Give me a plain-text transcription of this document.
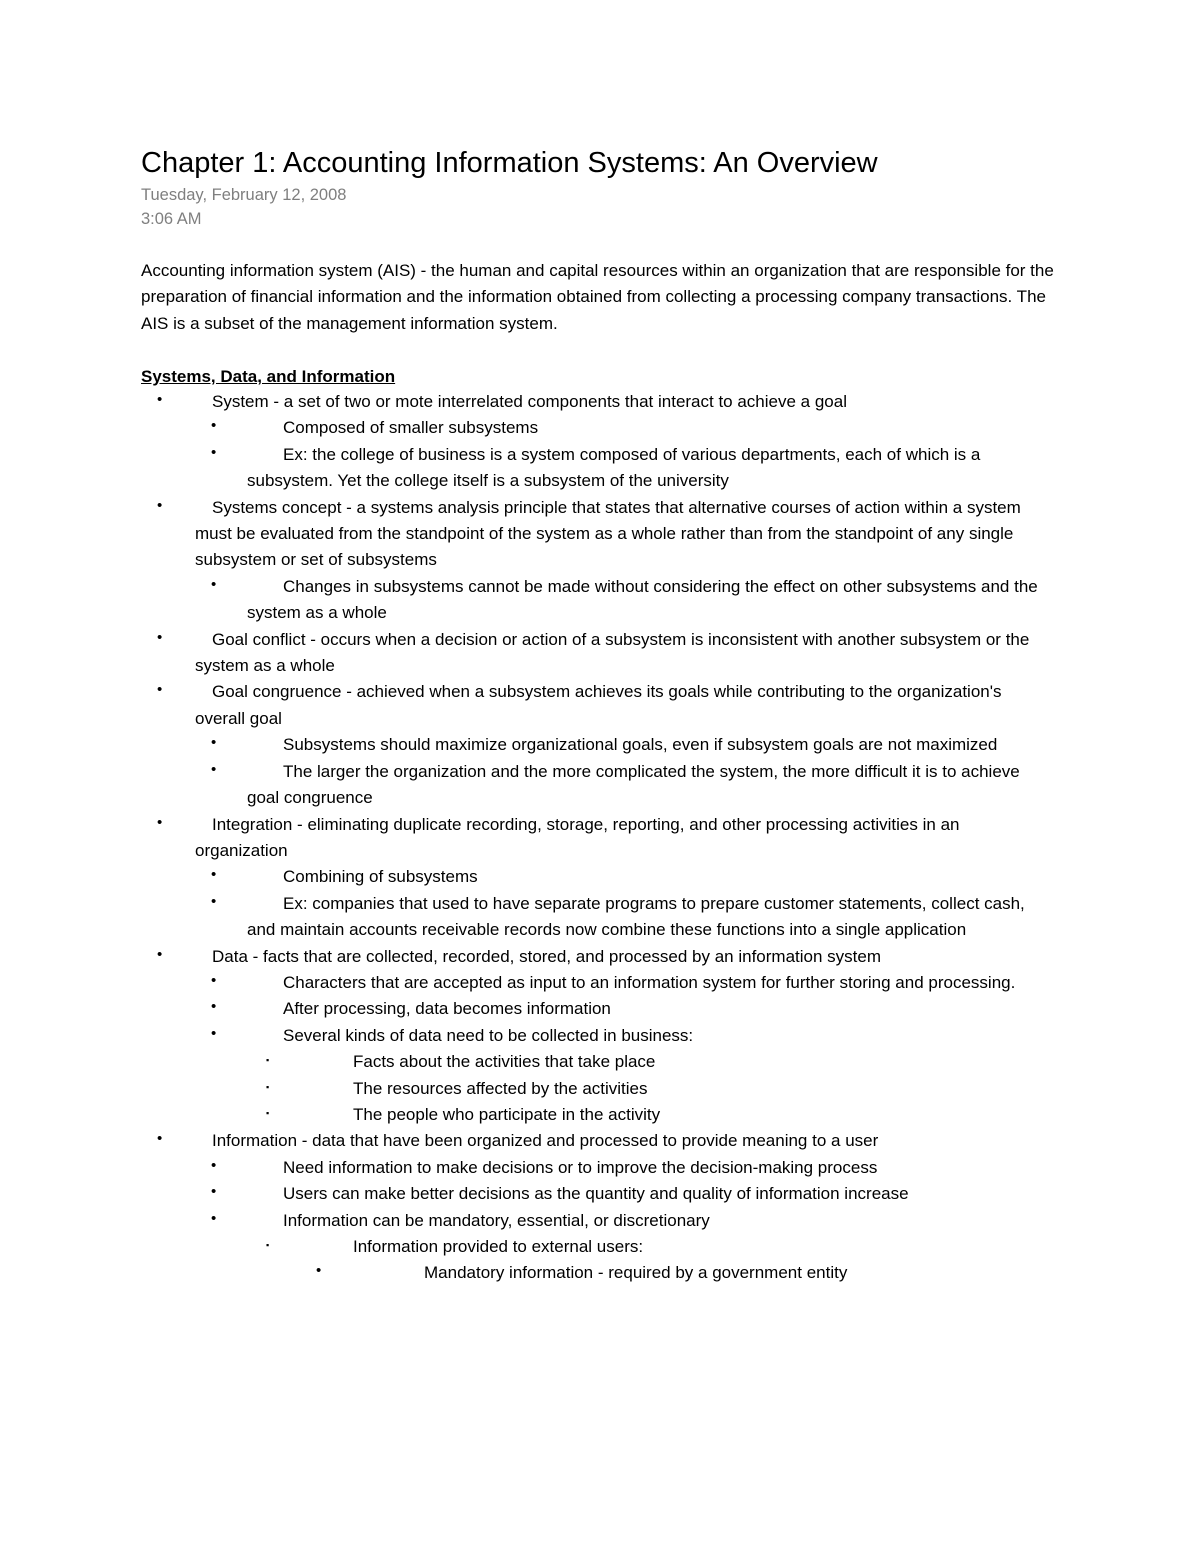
Chapter 1: Accounting Information Systems: An Overview
Tuesday, February 12, 2008
3:06 AM

Accounting information system (AIS) - the human and capital resources within an organization that are responsible for the preparation of financial information and the information obtained from collecting a processing company transactions. The AIS is a subset of the management information system.

Systems, Data, and Information
•	System - a set of two or mote interrelated components that interact to achieve a goal
•	Composed of smaller subsystems
•	Ex: the college of business is a system composed of various departments, each of which is a subsystem. Yet the college itself is a subsystem of the university
•	Systems concept - a systems analysis principle that states that alternative courses of action within a system must be evaluated from the standpoint of the system as a whole rather than from the standpoint of any single subsystem or set of subsystems
•	Changes in subsystems cannot be made without considering the effect on other subsystems and the system as a whole
•	Goal conflict - occurs when a decision or action of a subsystem is inconsistent with another subsystem or the system as a whole
•	Goal congruence - achieved when a subsystem achieves its goals while contributing to the organization's overall goal
•	Subsystems should maximize organizational goals, even if subsystem goals are not maximized
•	The larger the organization and the more complicated the system, the more difficult it is to achieve goal congruence
•	Integration - eliminating duplicate recording, storage, reporting, and other processing activities in an organization
•	Combining of subsystems
•	Ex: companies that used to have separate programs to prepare customer statements, collect cash, and maintain accounts receivable records now combine these functions into a single application
•	Data - facts that are collected, recorded, stored, and processed by an information system
•	Characters that are accepted as input to an information system for further storing and processing.
•	After processing, data becomes information
•	Several kinds of data need to be collected in business:
▪	Facts about the activities that take place
▪	The resources affected by the activities
▪	The people who participate in the activity
•	Information - data that have been organized and processed to provide meaning to a user
•	Need information to make decisions or to improve the decision-making process
•	Users can make better decisions as the quantity and quality of information increase
•	Information can be mandatory, essential, or discretionary
▪	Information provided to external users:
•	Mandatory information - required by a government entity
